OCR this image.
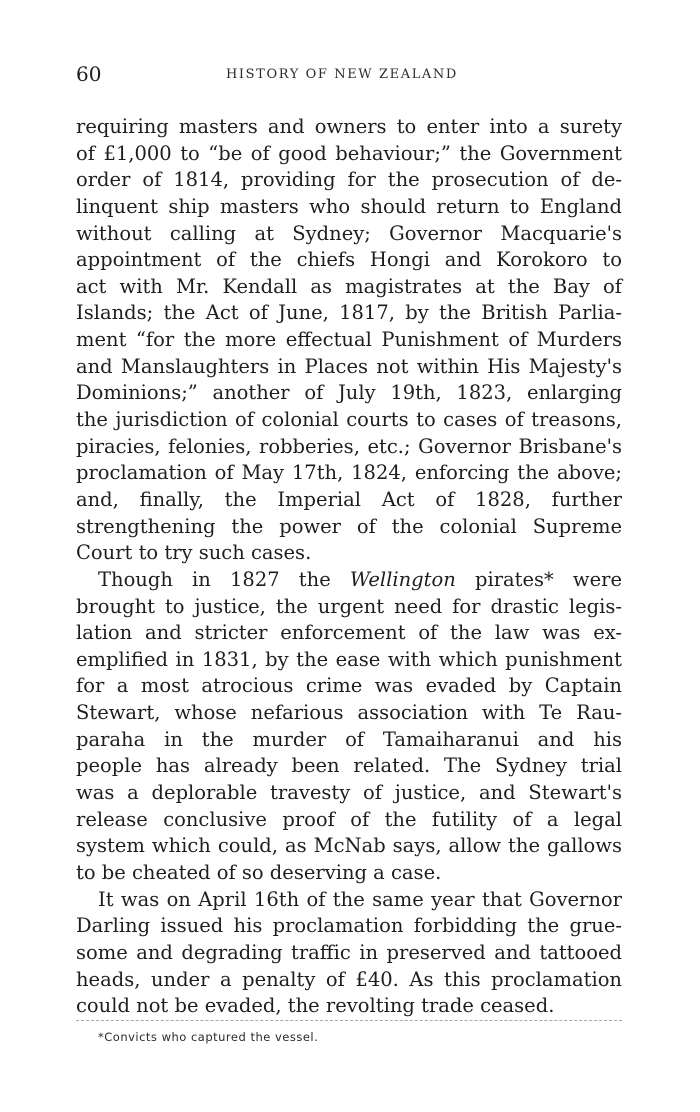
60	HISTORY OF NEW ZEALAND
requiring masters and owners to enter into a surety
of £1,000 to “be of good behaviour;” the Government
order of 1814, providing for the prosecution of de-
linquent ship masters who should return to England
without calling at Sydney; Governor Macquarie's
appointment of the chiefs Hongi and Korokoro to
act with Mr. Kendall as magistrates at the Bay of
Islands; the Act of June, 1817, by the British Parlia-
ment “for the more effectual Punishment of Murders
and Manslaughters in Places not within His Majesty's
Dominions;” another of July 19th, 1823, enlarging
the jurisdiction of colonial courts to cases of treasons,
piracies, felonies, robberies, etc.; Governor Brisbane's
proclamation of May 17th, 1824, enforcing the above;
and, finally, the Imperial Act of 1828, further
strengthening the power of the colonial Supreme
Court to try such cases.
Though in 1827 the Wellington pirates* were
brought to justice, the urgent need for drastic legis-
lation and stricter enforcement of the law was ex-
emplified in 1831, by the ease with which punishment
for a most atrocious crime was evaded by Captain
Stewart, whose nefarious association with Te Rau-
paraha in the murder of Tamaiharanui and his
people has already been related. The Sydney trial
was a deplorable travesty of justice, and Stewart's
release conclusive proof of the futility of a legal
system which could, as McNab says, allow the gallows
to be cheated of so deserving a case.
It was on April 16th of the same year that Governor
Darling issued his proclamation forbidding the grue-
some and degrading traffic in preserved and tattooed
heads, under a penalty of £40. As this proclamation
could not be evaded, the revolting trade ceased.
*Convicts who captured the vessel.
